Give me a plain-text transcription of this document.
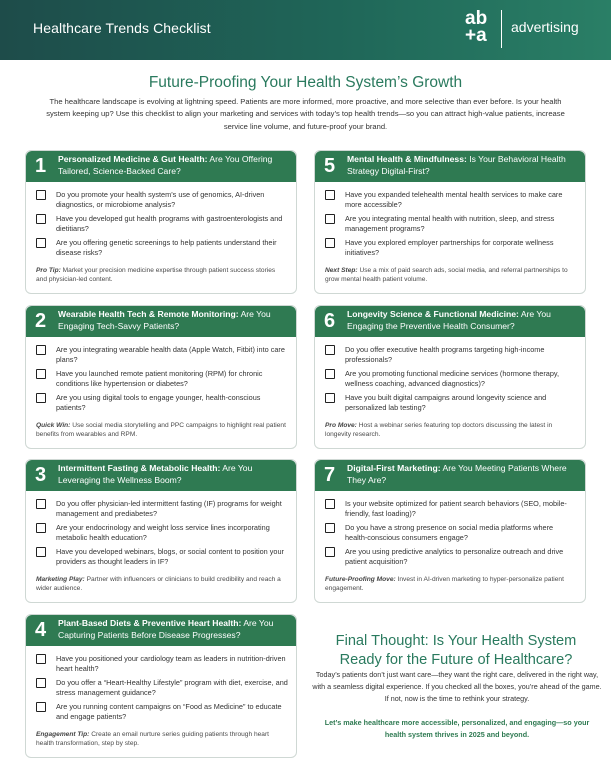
Healthcare Trends Checklist	ab
+a	advertising
Future-Proofing Your Health System’s Growth
The healthcare landscape is evolving at lightning speed. Patients are more informed, more proactive, and more selective than ever before. Is your health system keeping up? Use this checklist to align your marketing and services with today’s top health trends—so you can attract high-value patients, increase service line volume, and future-proof your brand.
1 Personalized Medicine & Gut Health: Are You Offering Tailored, Science-Backed Care?
Do you promote your health system’s use of genomics, AI-driven diagnostics, or microbiome analysis?
Have you developed gut health programs with gastroenterologists and dietitians?
Are you offering genetic screenings to help patients understand their disease risks?
Pro Tip: Market your precision medicine expertise through patient success stories and physician-led content.
2 Wearable Health Tech & Remote Monitoring: Are You Engaging Tech-Savvy Patients?
Are you integrating wearable health data (Apple Watch, Fitbit) into care plans?
Have you launched remote patient monitoring (RPM) for chronic conditions like hypertension or diabetes?
Are you using digital tools to engage younger, health-conscious patients?
Quick Win: Use social media storytelling and PPC campaigns to highlight real patient benefits from wearables and RPM.
3 Intermittent Fasting & Metabolic Health: Are You Leveraging the Wellness Boom?
Do you offer physician-led intermittent fasting (IF) programs for weight management and prediabetes?
Are your endocrinology and weight loss service lines incorporating metabolic health education?
Have you developed webinars, blogs, or social content to position your providers as thought leaders in IF?
Marketing Play: Partner with influencers or clinicians to build credibility and reach a wider audience.
4 Plant-Based Diets & Preventive Heart Health: Are You Capturing Patients Before Disease Progresses?
Have you positioned your cardiology team as leaders in nutrition-driven heart health?
Do you offer a “Heart-Healthy Lifestyle” program with diet, exercise, and stress management guidance?
Are you running content campaigns on “Food as Medicine” to educate and engage patients?
Engagement Tip: Create an email nurture series guiding patients through heart health transformation, step by step.
5 Mental Health & Mindfulness: Is Your Behavioral Health Strategy Digital-First?
Have you expanded telehealth mental health services to make care more accessible?
Are you integrating mental health with nutrition, sleep, and stress management programs?
Have you explored employer partnerships for corporate wellness initiatives?
Next Step: Use a mix of paid search ads, social media, and referral partnerships to grow mental health patient volume.
6 Longevity Science & Functional Medicine: Are You Engaging the Preventive Health Consumer?
Do you offer executive health programs targeting high-income professionals?
Are you promoting functional medicine services (hormone therapy, wellness coaching, advanced diagnostics)?
Have you built digital campaigns around longevity science and personalized lab testing?
Pro Move: Host a webinar series featuring top doctors discussing the latest in longevity research.
7 Digital-First Marketing: Are You Meeting Patients Where They Are?
Is your website optimized for patient search behaviors (SEO, mobile-friendly, fast loading)?
Do you have a strong presence on social media platforms where health-conscious consumers engage?
Are you using predictive analytics to personalize outreach and drive patient acquisition?
Future-Proofing Move: Invest in AI-driven marketing to hyper-personalize patient engagement.
Final Thought: Is Your Health System
Ready for the Future of Healthcare?
Today’s patients don’t just want care—they want the right care, delivered in the right way, with a seamless digital experience. If you checked all the boxes, you’re ahead of the game. If not, now is the time to rethink your strategy.
Let’s make healthcare more accessible, personalized, and engaging—so your health system thrives in 2025 and beyond.
